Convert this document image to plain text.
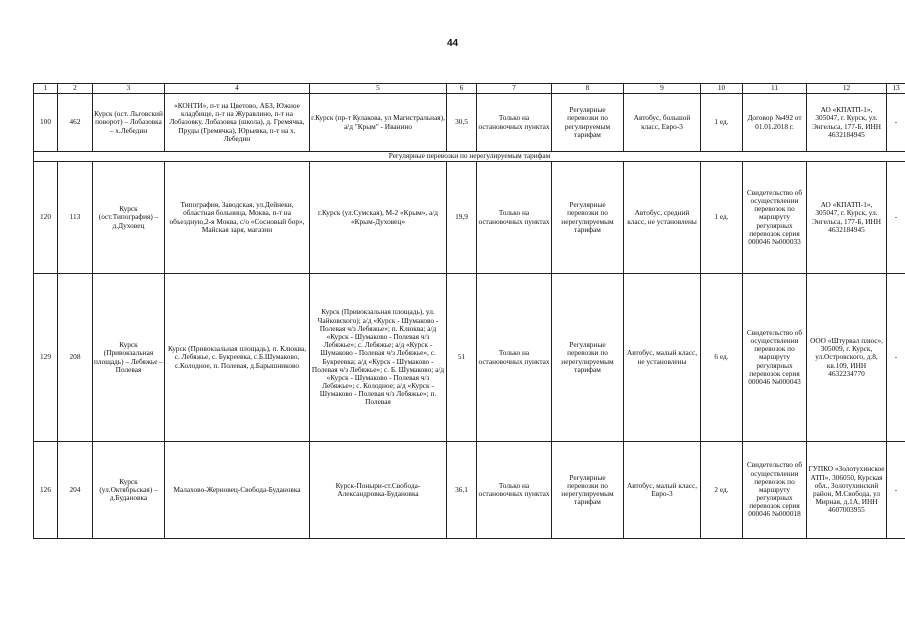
44
1	2	3	4	5	6	7	8	9	10	11	12	13
100	462	Курск (ост. Льговский поворот) – Лобазовка – х.Лебедин	«КОНТИ», п-т на Цветово, АБЗ, Южное кладбище, п-т на Журавлино, п-т на Лобазовку, Лобазовка (школа), д. Гремячка, Пруды (Гремячка), Юрьевка, п-т на х. Лебедин	г.Курск (пр-т Кулакова, ул Магистральная), а/д "Крым" - Иванино	30,5	Только на остановочных пунктах	Регулярные перевозки по регулируемым тарифам	Автобус, большой класс, Евро-3	1 ед.	Договор №492 от 01.01.2018 г.	АО «КПАТП-1», 305047, г. Курск, ул. Энгельса, 177-Б, ИНН 4632184945	-
Регулярные перевозки по нерегулируемым тарифам												
120	113	Курск (ост.Типография) – д.Духовец	Типография, Заводская, ул.Дейнеки, областная больница, Моква, п-т на объездную,2-я Моква, с/о «Сосновый бор», Майская заря, магазин	г.Курск (ул.Сумская), М-2 «Крым», а/д «Крым-Духовец»	19,9	Только на остановочных пунктах	Регулярные перевозки по нерегулируемым тарифам	Автобус, средний класс, не установлены	1 ед.	Свидетельство об осуществлении перевозок по маршруту регулярных перевозок серия 000046 №000033	АО «КПАТП-1», 305047, г. Курск, ул. Энгельса, 177-Б, ИНН 4632184945	-
129	208	Курск (Привокзальная площадь) – Лебяжье – Полевая	Курск (Привокзальная площадь), п. Клюква, с. Лебяжье, с. Букреевка, с.Б.Шумаково, с.Колодное, п. Полевая, д.Барышниково	Курск (Привокзальная площадь), ул. Чайковского); а/д «Курск - Шумаково - Полевая ч/з Лебяжье»; п. Клюква; а/д «Курск - Шумаково - Полевая ч/з Лебяжье»; с. Лебяжье; а/д «Курск - Шумаково - Полевая ч/з Лебяжье», с. Букреевка; а/д «Курск - Шумаково - Полевая ч/з Лебяжье»; с. Б. Шумаково; а/д «Курск - Шумаково - Полевая ч/з Лебяжье»; с. Колодное; а/д «Курск - Шумаково - Полевая ч/з Лебяжье»; п. Полевая	51	Только на остановочных пунктах	Регулярные перевозки по нерегулируемым тарифам	Автобус, малый класс, не установлены	6 ед.	Свидетельство об осуществлении перевозок по маршруту регулярных перевозок серия 000046 №000043	ООО «Штурвал плюс», 305009, г. Курск, ул.Островского, д.8, кв.109, ИНН 4632234770	-
126	204	Курск (ул.Октябрьская) – д.Будановка	Малахово-Жерновец-Свобода-Будановка	Курск-Поныри-ст.Свобода-Александровка-Будановка	36,1	Только на остановочных пунктах	Регулярные перевозки по нерегулируемым тарифам	Автобус, малый класс, Евро-3	2 ед.	Свидетельство об осуществлении перевозок по маршруту регулярных перевозок серия 000046 №000018	ГУПКО «Золотухинское АТП», 306050, Курская обл., Золотухинский район, М.Свобода, ул Мирная, д.1А, ИНН 4607003955	-
